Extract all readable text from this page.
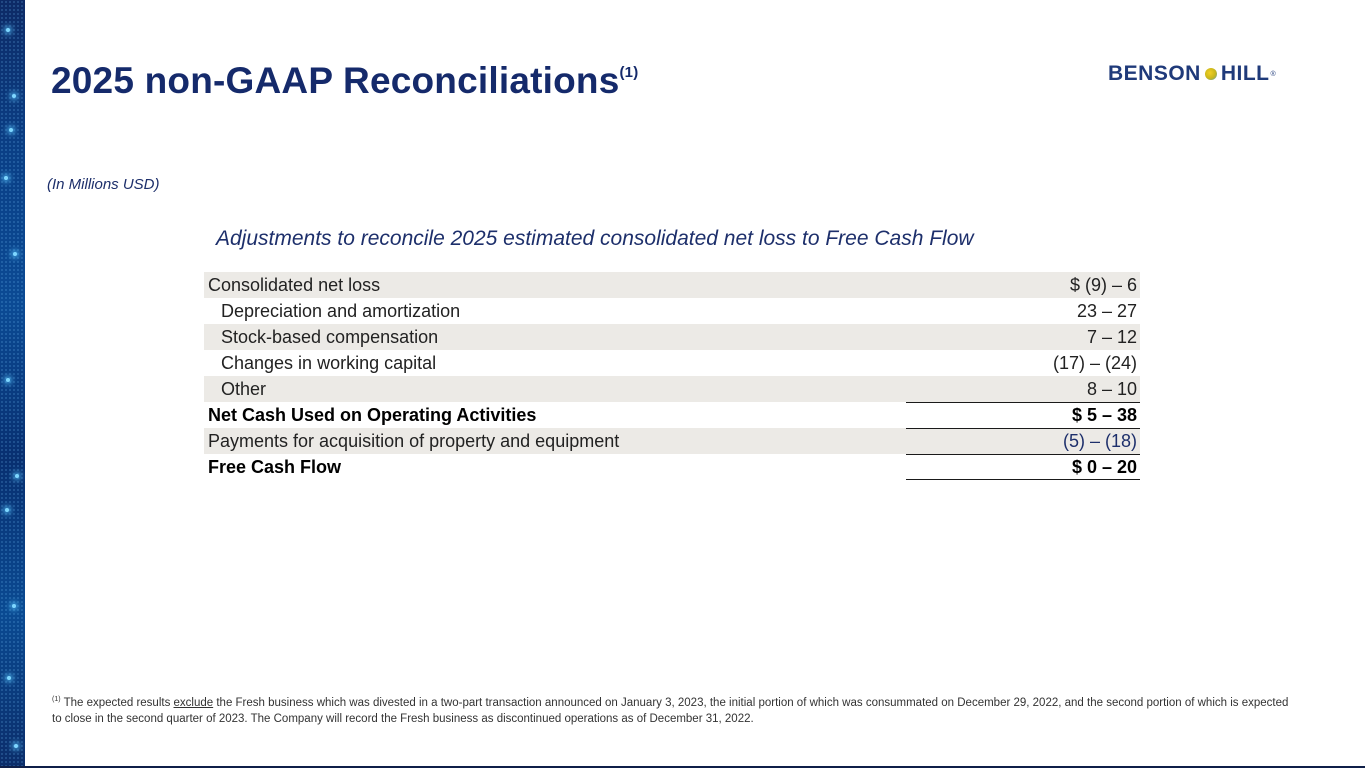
2025 non-GAAP Reconciliations$^{(1)}$	BENSON HILL ®
(In Millions USD)
Adjustments to reconcile 2025 estimated consolidated net loss to Free Cash Flow
Consolidated net loss	$ (9) – 6
Depreciation and amortization	23 – 27
Stock-based compensation	7 – 12
Changes in working capital	(17) – (24)
Other	8 – 10
Net Cash Used on Operating Activities	$ 5 – 38
Payments for acquisition of property and equipment	(5) – (18)
Free Cash Flow	$ 0 – 20
$^{(1)}$ The expected results exclude the Fresh business which was divested in a two-part transaction announced on January 3, 2023, the initial portion of which was consummated on December 29, 2022, and the second portion of which is expected to close in the second quarter of 2023. The Company will record the Fresh business as discontinued operations as of December 31, 2022.
